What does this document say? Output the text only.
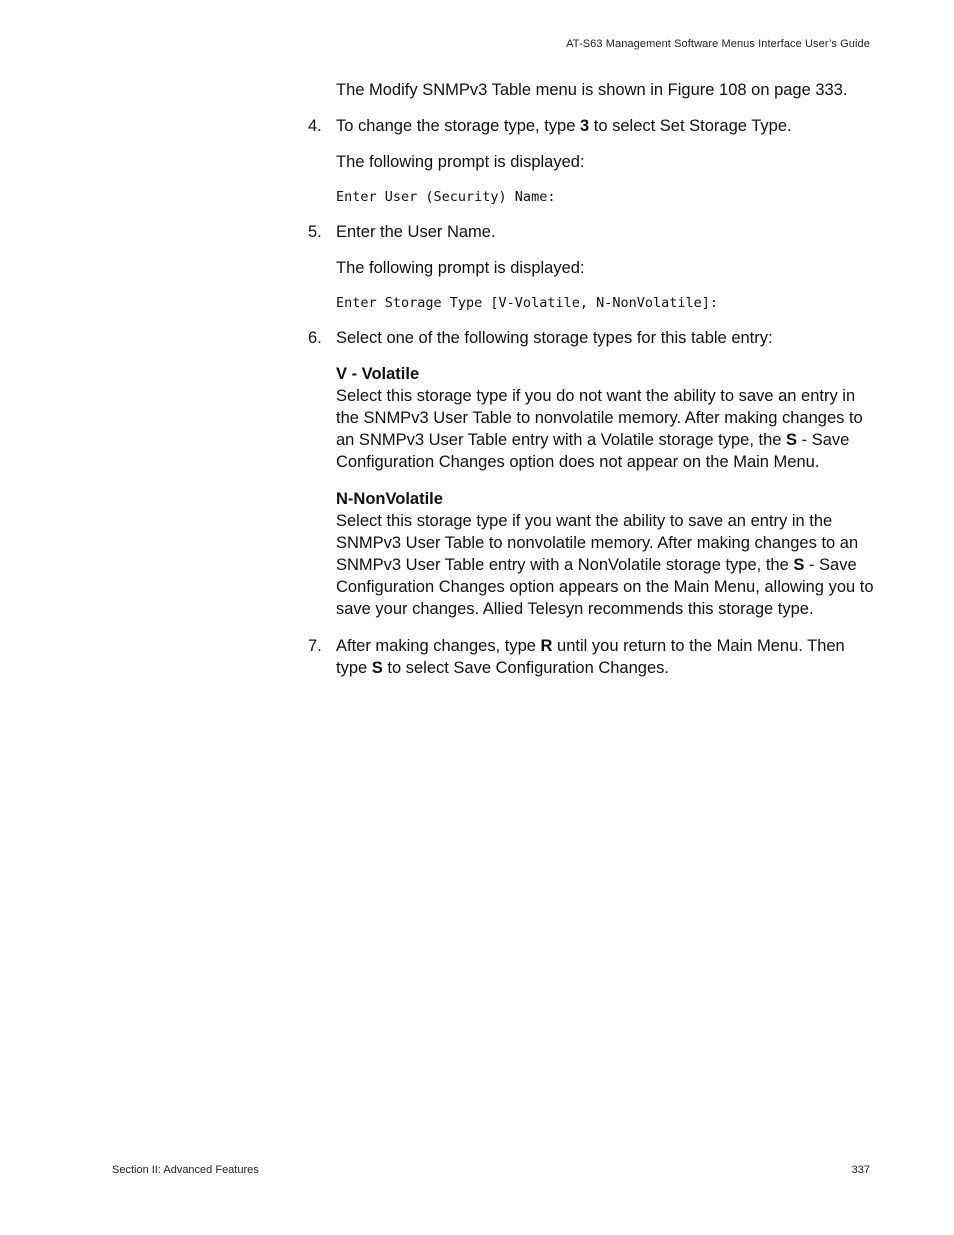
AT-S63 Management Software Menus Interface User’s Guide

The Modify SNMPv3 Table menu is shown in Figure 108 on page 333.

4. To change the storage type, type 3 to select Set Storage Type.

The following prompt is displayed:

Enter User (Security) Name:
5. Enter the User Name.

The following prompt is displayed:

Enter Storage Type [V-Volatile, N-NonVolatile]:
6. Select one of the following storage types for this table entry:

V - Volatile

Select this storage type if you do not want the ability to save an entry in the SNMPv3 User Table to nonvolatile memory. After making changes to an SNMPv3 User Table entry with a Volatile storage type, the S - Save Configuration Changes option does not appear on the Main Menu.

N-NonVolatile

Select this storage type if you want the ability to save an entry in the SNMPv3 User Table to nonvolatile memory. After making changes to an SNMPv3 User Table entry with a NonVolatile storage type, the S - Save Configuration Changes option appears on the Main Menu, allowing you to save your changes. Allied Telesyn recommends this storage type.

7. After making changes, type R until you return to the Main Menu. Then type S to select Save Configuration Changes.
Section II: Advanced Features	337
